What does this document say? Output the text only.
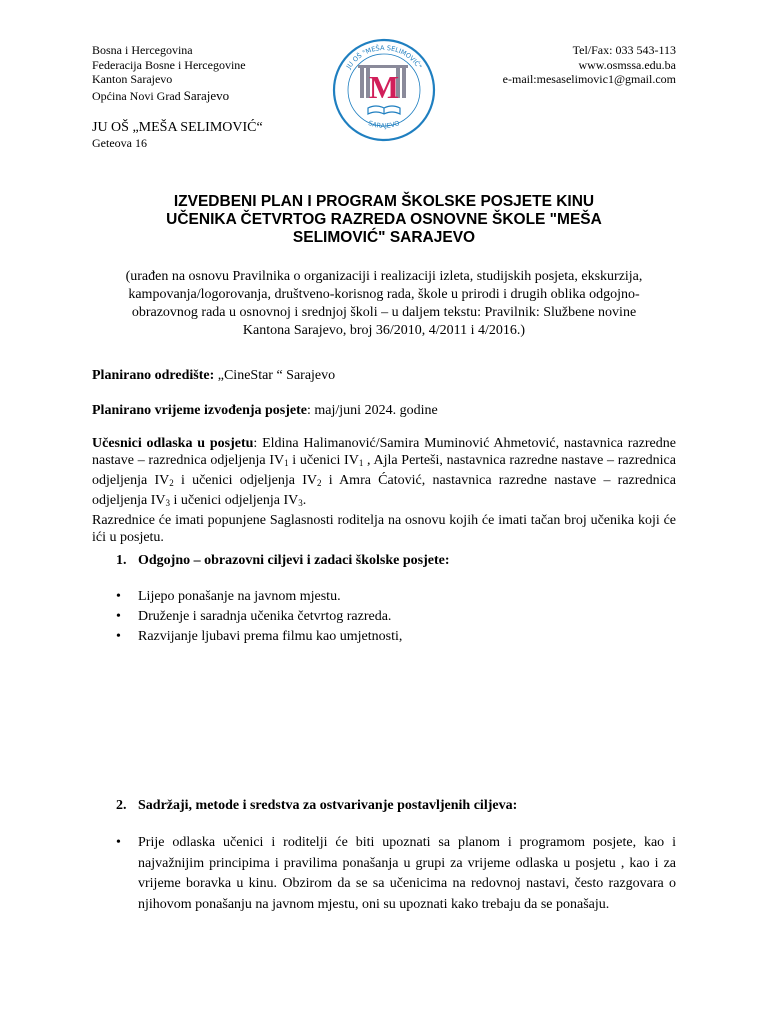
Bosna i Hercegovina
Federacija Bosne i Hercegovine
Kanton Sarajevo
Općina Novi Grad Sarajevo
JU OŠ „MEŠA SELIMOVIĆ“
Geteova 16
JU OŠ "MEŠA SELIMOVIĆ"
SARAJEVO
M
Tel/Fax: 033 543-113
www.osmssa.edu.ba
e-mail:mesaselimovic1@gmail.com
IZVEDBENI PLAN I PROGRAM ŠKOLSKE POSJETE KINU
UČENIKA ČETVRTOG RAZREDA OSNOVNE ŠKOLE "MEŠA
SELIMOVIĆ" SARAJEVO
(urađen na osnovu Pravilnika o organizaciji i realizaciji izleta, studijskih posjeta, ekskurzija,
kampovanja/logorovanja, društveno-korisnog rada, škole u prirodi i drugih oblika odgojno-
obrazovnog rada u osnovnoj i srednjoj školi – u daljem tekstu: Pravilnik: Službene novine
Kantona Sarajevo, broj 36/2010, 4/2011 i 4/2016.)
Planirano odredište: „CineStar “ Sarajevo
Planirano vrijeme izvođenja posjete: maj/juni 2024. godine
Učesnici odlaska u posjetu: Eldina Halimanović/Samira Muminović Ahmetović, nastavnica razredne nastave – razrednica odjeljenja $IV_1$ i učenici $IV_1$ , Ajla Perteši, nastavnica razredne nastave – razrednica odjeljenja $IV_2$ i učenici odjeljenja $IV_2$ i Amra Ćatović, nastavnica razredne nastave – razrednica odjeljenja $IV_3$ i učenici odjeljenja $IV_3$.
Razrednice će imati popunjene Saglasnosti roditelja na osnovu kojih će imati tačan broj učenika koji će ići u posjetu.
1. Odgojno – obrazovni ciljevi i zadaci školske posjete:
• Lijepo ponašanje na javnom mjestu.
• Druženje i saradnja učenika četvrtog razreda.
• Razvijanje ljubavi prema filmu kao umjetnosti,
2. Sadržaji, metode i sredstva za ostvarivanje postavljenih ciljeva:
• Prije odlaska učenici i roditelji će biti upoznati sa planom i programom posjete, kao i najvažnijim principima i pravilima ponašanja u grupi za vrijeme odlaska u posjetu , kao i za vrijeme boravka u kinu. Obzirom da se sa učenicima na redovnoj nastavi, često razgovara o njihovom ponašanju na javnom mjestu, oni su upoznati kako trebaju da se ponašaju.
